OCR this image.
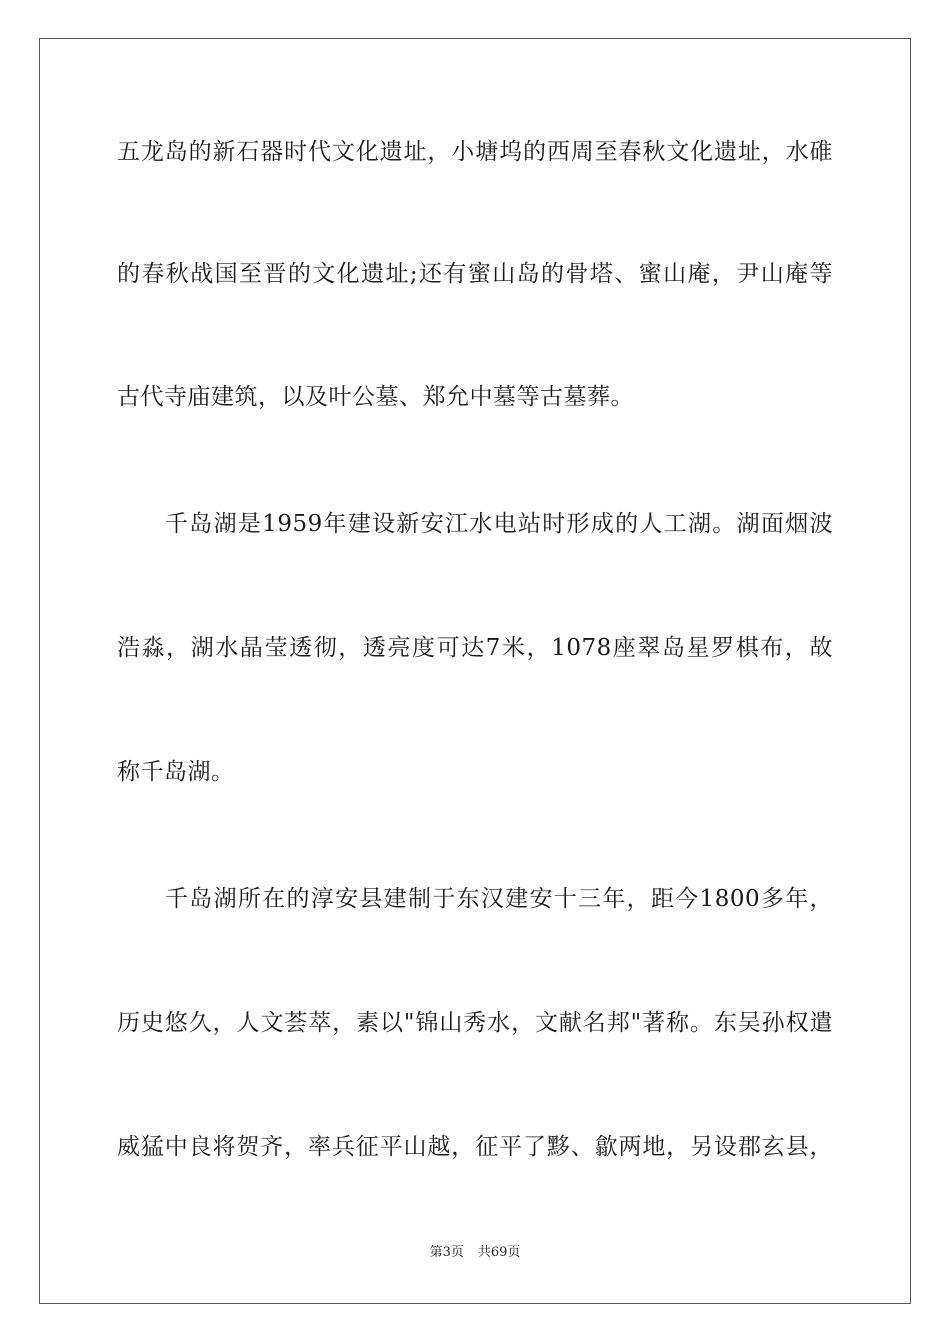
五龙岛的新石器时代文化遗址，小塘坞的西周至春秋文化遗址，水碓
的春秋战国至晋的文化遗址;还有蜜山岛的骨塔、蜜山庵，尹山庵等
古代寺庙建筑，以及叶公墓、郑允中墓等古墓葬。
千岛湖是1959年建设新安江水电站时形成的人工湖。湖面烟波
浩淼，湖水晶莹透彻，透亮度可达7米，1078座翠岛星罗棋布，故
称千岛湖。
千岛湖所在的淳安县建制于东汉建安十三年，距今1800多年，
历史悠久，人文荟萃，素以"锦山秀水，文献名邦"著称。东吴孙权遣
威猛中良将贺齐，率兵征平山越，征平了黟、歙两地，另设郡玄县，
第3页 共69页
